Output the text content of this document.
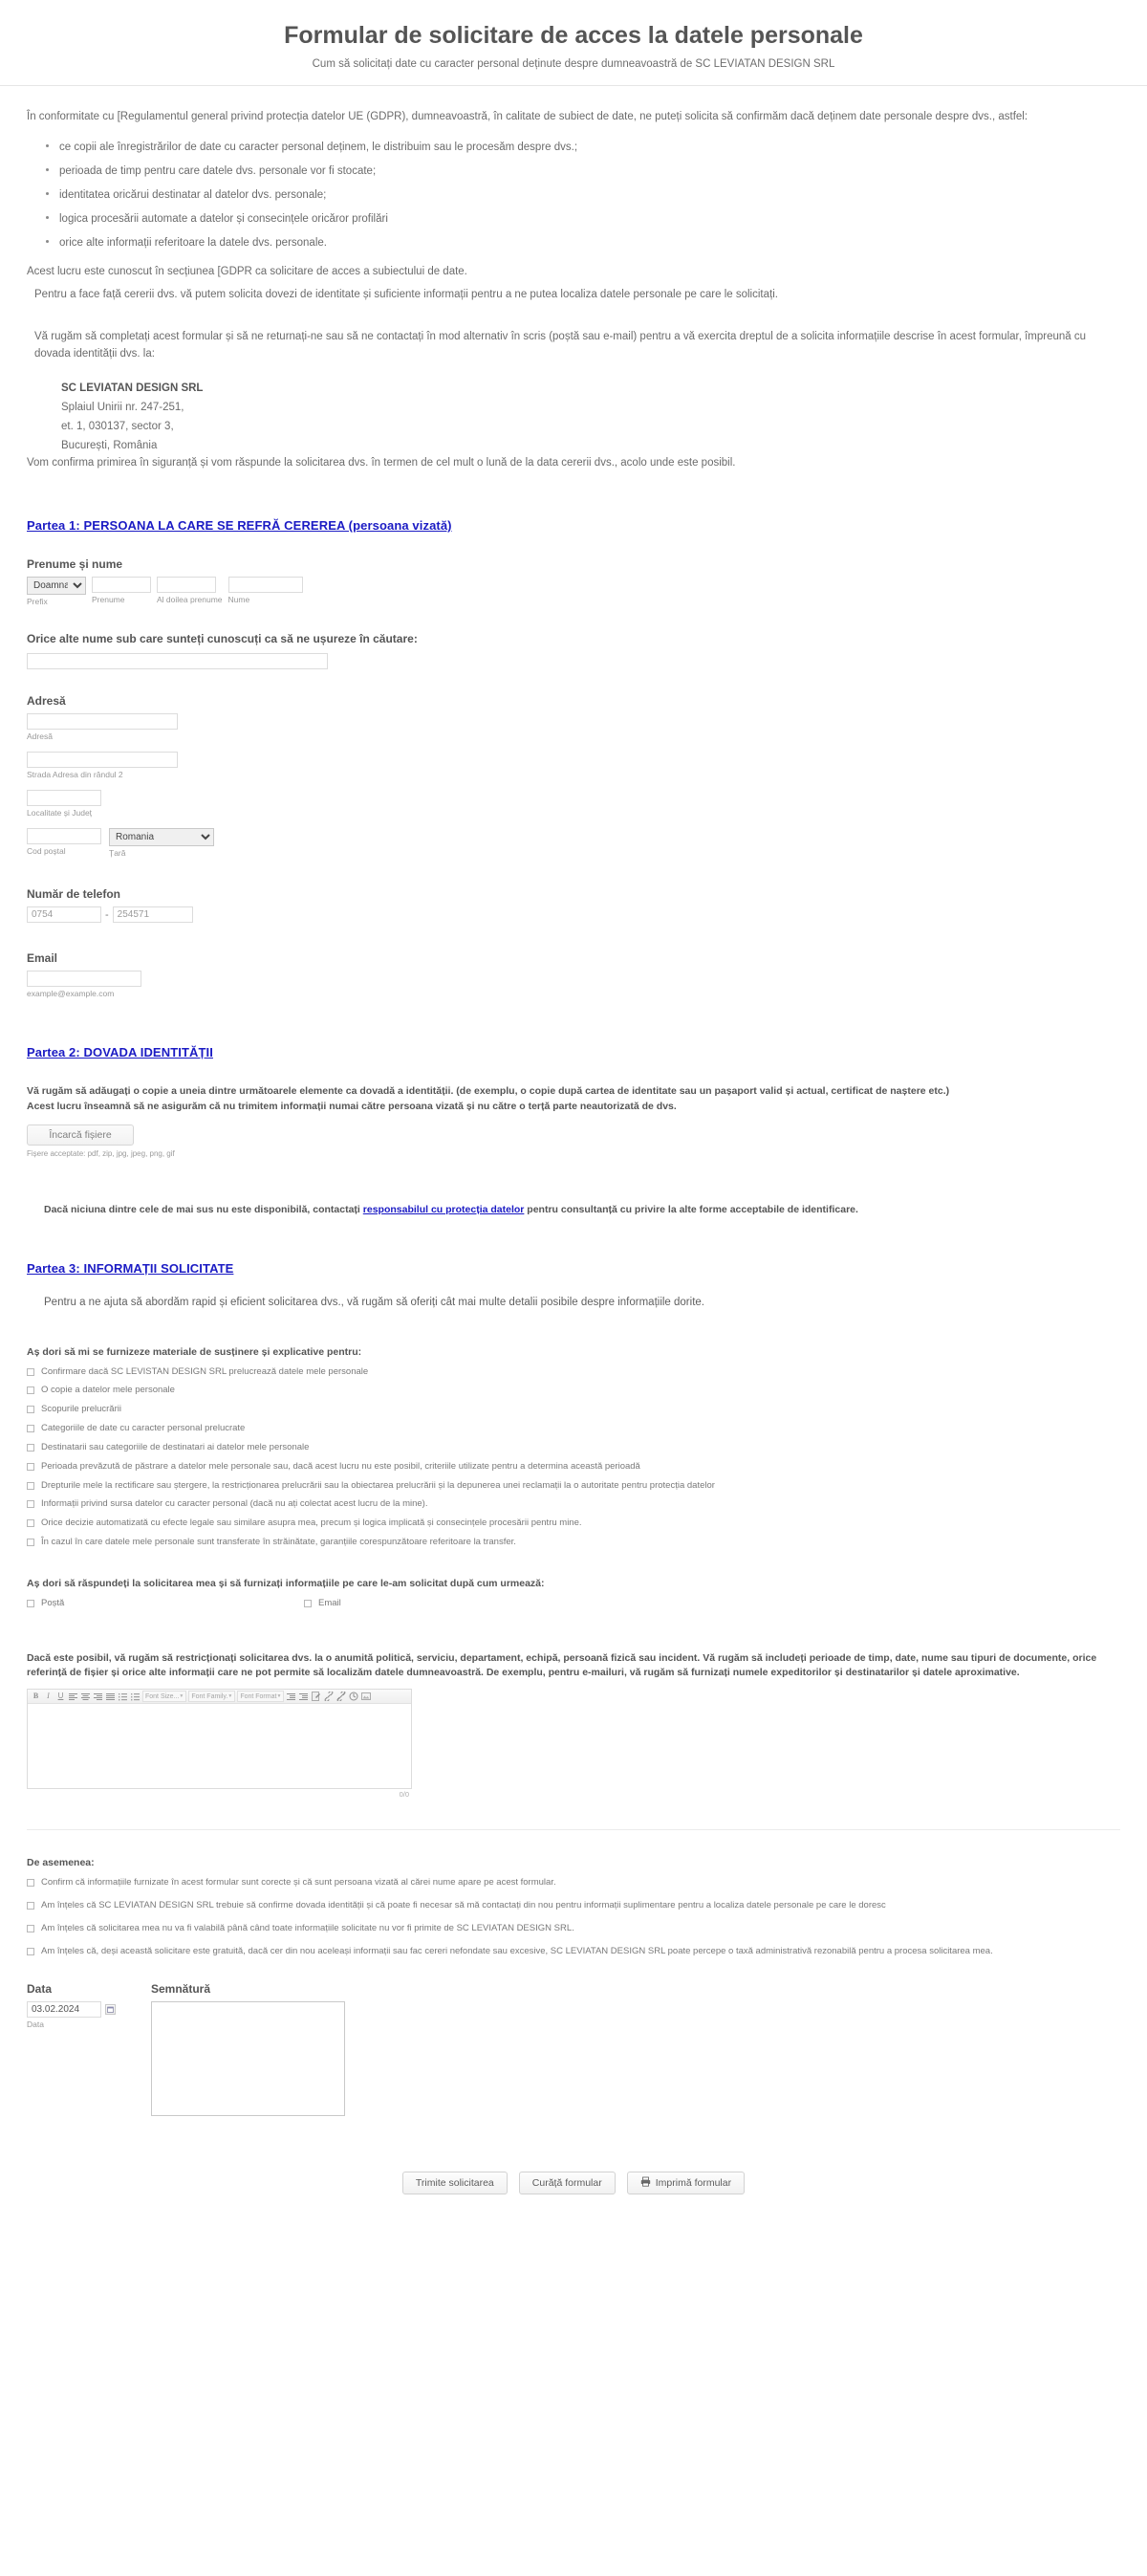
Formular de solicitare de acces la datele personale

Cum să solicitați date cu caracter personal deținute despre dumneavoastră de SC LEVIATAN DESIGN SRL

În conformitate cu [Regulamentul general privind protecția datelor UE (GDPR), dumneavoastră, în calitate de subiect de date, ne puteți solicita să confirmăm dacă deținem date personale despre dvs., astfel:

ce copii ale înregistrărilor de date cu caracter personal deținem, le distribuim sau le procesăm despre dvs.;
perioada de timp pentru care datele dvs. personale vor fi stocate;
identitatea oricărui destinatar al datelor dvs. personale;
logica procesării automate a datelor și consecințele oricăror profilări
orice alte informații referitoare la datele dvs. personale.

Acest lucru este cunoscut în secțiunea [GDPR ca solicitare de acces a subiectului de date.

Pentru a face față cererii dvs. vă putem solicita dovezi de identitate și suficiente informații pentru a ne putea localiza datele personale pe care le solicitați.

Vă rugăm să completați acest formular și să ne returnați-ne sau să ne contactați în mod alternativ în scris (poștă sau e-mail) pentru a vă exercita dreptul de a solicita informațiile descrise în acest formular, împreună cu dovada identității dvs. la:

SC LEVIATAN DESIGN SRL
Splaiul Unirii nr. 247-251,
et. 1, 030137, sector 3,
București, România

Vom confirma primirea în siguranță și vom răspunde la solicitarea dvs. în termen de cel mult o lună de la data cererii dvs., acolo unde este posibil.

Partea 1: PERSOANA LA CARE SE REFRĂ CEREREA (persoana vizată)
Prenume și nume
Doamna
Prefix	Prenume	Al doilea prenume Nume
Orice alte nume sub care sunteți cunoscuți ca să ne ușureze în căutare:
Adresă
Adresă
Strada Adresa din rândul 2
Localitate și Județ
Cod poștal
Romania	Țară
Număr de telefon
0754
-
254571
Email
example@example.com
Partea 2: DOVADA IDENTITĂȚII
Vă rugăm să adăugați o copie a uneia dintre următoarele elemente ca dovadă a identității. (de exemplu, o copie după cartea de identitate sau un pașaport valid și actual, certificat de naștere etc.)
Acest lucru înseamnă să ne asigurăm că nu trimitem informații numai către persoana vizată și nu către o terță parte neautorizată de dvs.
Încarcă fișiere
Fișere acceptate: pdf, zip, jpg, jpeg, png, gif
Dacă niciuna dintre cele de mai sus nu este disponibilă, contactați responsabilul cu protecția datelor pentru consultanță cu privire la alte forme acceptabile de identificare.
Partea 3: INFORMAȚII SOLICITATE
Pentru a ne ajuta să abordăm rapid și eficient solicitarea dvs., vă rugăm să oferiți cât mai multe detalii posibile despre informațiile dorite.
Aș dori să mi se furnizeze materiale de susținere și explicative pentru:
Confirmare dacă SC LEVISTAN DESIGN SRL prelucrează datele mele personale
O copie a datelor mele personale
Scopurile prelucrării
Categoriile de date cu caracter personal prelucrate
Destinatarii sau categoriile de destinatari ai datelor mele personale
Perioada prevăzută de păstrare a datelor mele personale sau, dacă acest lucru nu este posibil, criteriile utilizate pentru a determina această perioadă
Drepturile mele la rectificare sau ștergere, la restricționarea prelucrării sau la obiectarea prelucrării și la depunerea unei reclamații la o autoritate pentru protecția datelor
Informații privind sursa datelor cu caracter personal (dacă nu ați colectat acest lucru de la mine).
Orice decizie automatizată cu efecte legale sau similare asupra mea, precum și logica implicată și consecințele procesării pentru mine.
În cazul în care datele mele personale sunt transferate în străinătate, garanțiile corespunzătoare referitoare la transfer.
Aș dori să răspundeți la solicitarea mea și să furnizați informațiile pe care le-am solicitat după cum urmează:
Poștă	Email
Dacă este posibil, vă rugăm să restricționați solicitarea dvs. la o anumită politică, serviciu, departament, echipă, persoană fizică sau incident. Vă rugăm să includeți perioade de timp, date, nume sau tipuri de documente, orice referință de fișier și orice alte informații care ne pot permite să localizăm datele dumneavoastră. De exemplu, pentru e-mailuri, vă rugăm să furnizați numele expeditorilor și destinatarilor și datele aproximative.
B	I	U	Font Size... ▼ Font Family. ▼ Font Format ▼
0/0
De asemenea:
Confirm că informațiile furnizate în acest formular sunt corecte și că sunt persoana vizată al cărei nume apare pe acest formular.
Am înțeles că SC LEVIATAN DESIGN SRL trebuie să confirme dovada identității și că poate fi necesar să mă contactați din nou pentru informații suplimentare pentru a localiza datele personale pe care le doresc
Am înțeles că solicitarea mea nu va fi valabilă până când toate informațiile solicitate nu vor fi primite de SC LEVIATAN DESIGN SRL.
Am înțeles că, deși această solicitare este gratuită, dacă cer din nou aceleași informații sau fac cereri nefondate sau excesive, SC LEVIATAN DESIGN SRL poate percepe o taxă administrativă rezonabilă pentru a procesa solicitarea mea.
Data
03.02.2024
Data
Semnătură
Trimite solicitarea	Curăță formular	Imprimă formular
